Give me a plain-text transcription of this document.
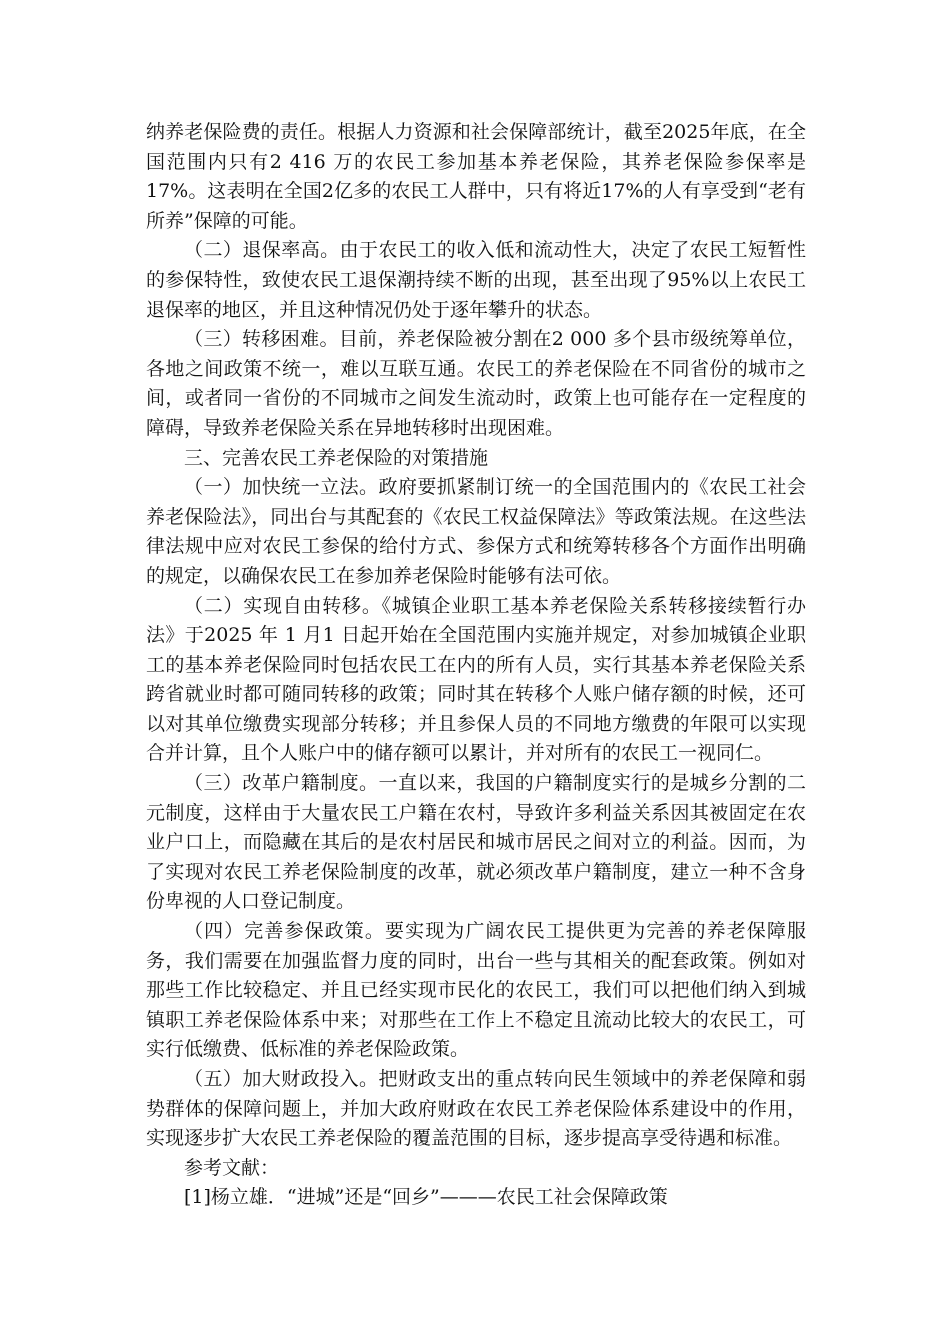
纳养老保险费的责任。根据人力资源和社会保障部统计，截至2025年底，在全国范围内只有2 416 万的农民工参加基本养老保险，其养老保险参保率是17%。这表明在全国2亿多的农民工人群中，只有将近17%的人有享受到“老有所养”保障的可能。

（二）退保率高。由于农民工的收入低和流动性大，决定了农民工短暂性的参保特性，致使农民工退保潮持续不断的出现，甚至出现了95%以上农民工退保率的地区，并且这种情况仍处于逐年攀升的状态。

（三）转移困难。目前，养老保险被分割在2 000 多个县市级统筹单位，各地之间政策不统一，难以互联互通。农民工的养老保险在不同省份的城市之间，或者同一省份的不同城市之间发生流动时，政策上也可能存在一定程度的障碍，导致养老保险关系在异地转移时出现困难。

三、完善农民工养老保险的对策措施

（一）加快统一立法。政府要抓紧制订统一的全国范围内的《农民工社会养老保险法》，同出台与其配套的《农民工权益保障法》等政策法规。在这些法律法规中应对农民工参保的给付方式、参保方式和统筹转移各个方面作出明确的规定，以确保农民工在参加养老保险时能够有法可依。

（二）实现自由转移。《城镇企业职工基本养老保险关系转移接续暂行办法》于2025 年 1 月1 日起开始在全国范围内实施并规定，对参加城镇企业职工的基本养老保险同时包括农民工在内的所有人员，实行其基本养老保险关系跨省就业时都可随同转移的政策；同时其在转移个人账户储存额的时候，还可以对其单位缴费实现部分转移；并且参保人员的不同地方缴费的年限可以实现合并计算，且个人账户中的储存额可以累计，并对所有的农民工一视同仁。

（三）改革户籍制度。一直以来，我国的户籍制度实行的是城乡分割的二元制度，这样由于大量农民工户籍在农村，导致许多利益关系因其被固定在农业户口上，而隐藏在其后的是农村居民和城市居民之间对立的利益。因而，为了实现对农民工养老保险制度的改革，就必须改革户籍制度，建立一种不含身份卑视的人口登记制度。

（四）完善参保政策。要实现为广阔农民工提供更为完善的养老保障服务，我们需要在加强监督力度的同时，出台一些与其相关的配套政策。例如对那些工作比较稳定、并且已经实现市民化的农民工，我们可以把他们纳入到城镇职工养老保险体系中来；对那些在工作上不稳定且流动比较大的农民工，可实行低缴费、低标准的养老保险政策。

（五）加大财政投入。把财政支出的重点转向民生领域中的养老保障和弱势群体的保障问题上，并加大政府财政在农民工养老保险体系建设中的作用，实现逐步扩大农民工养老保险的覆盖范围的目标，逐步提高享受待遇和标准。

参考文献：

[1]杨立雄．“进城”还是“回乡”———农民工社会保障政策
